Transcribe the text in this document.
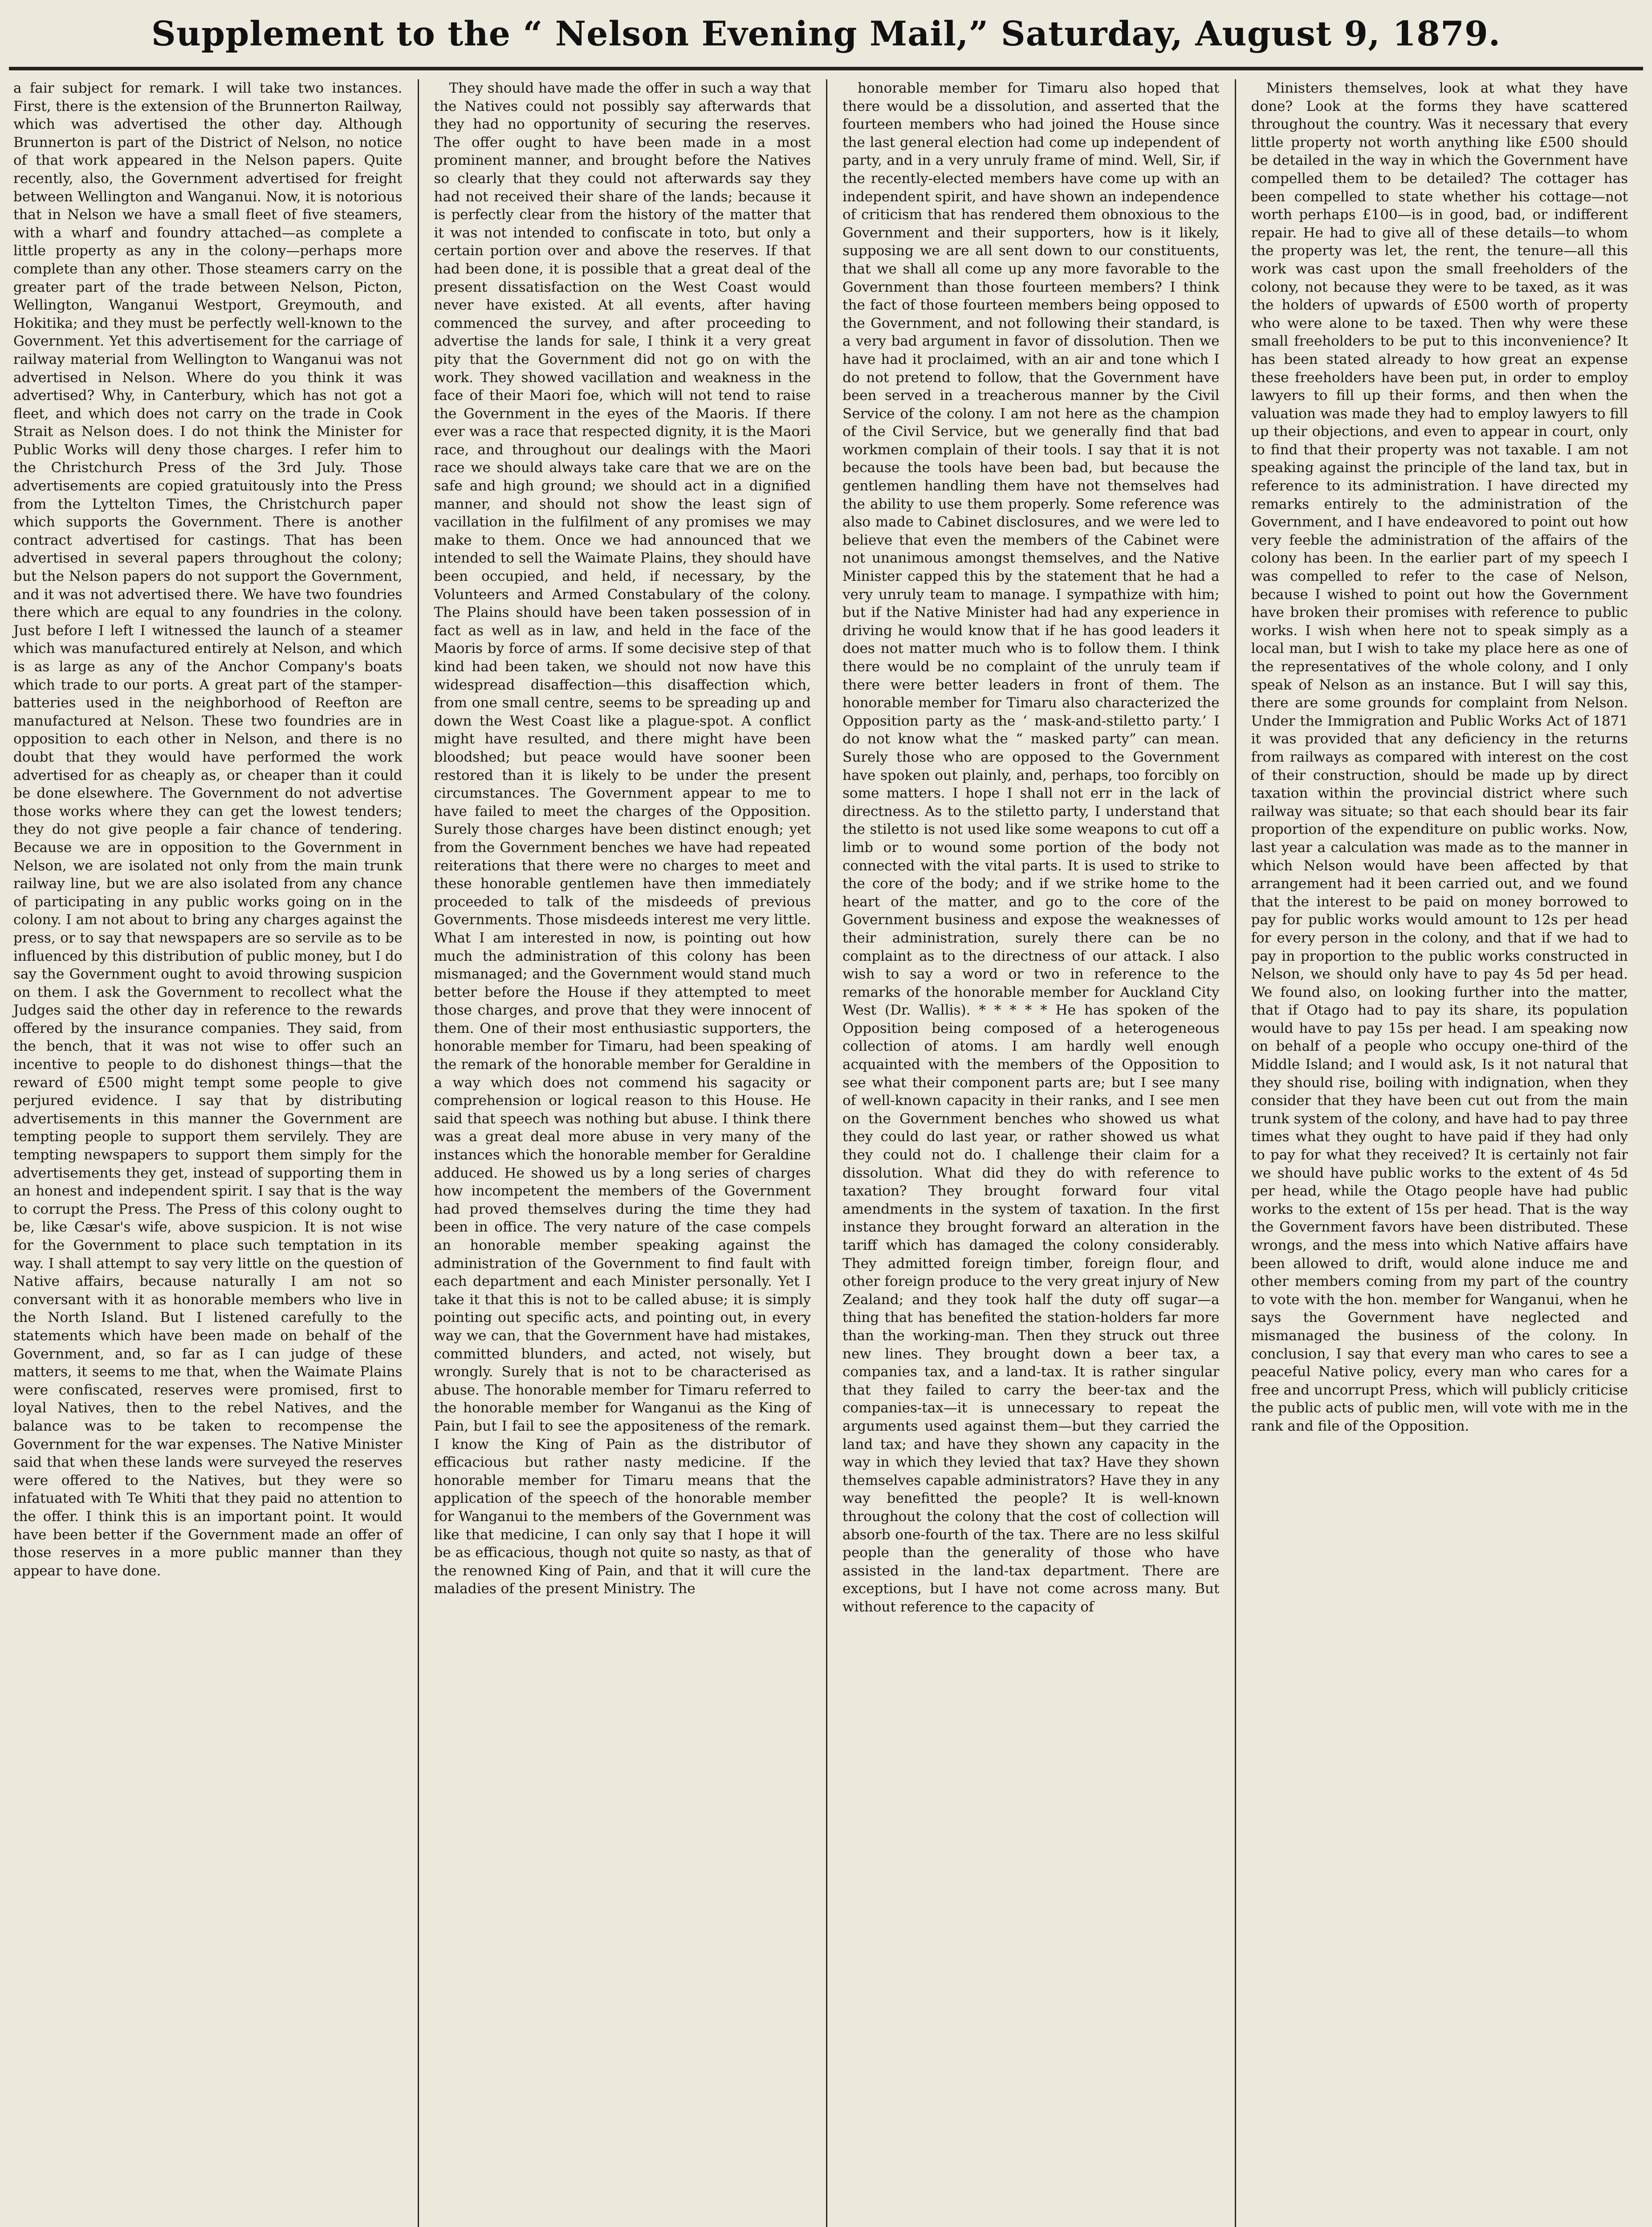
Supplement to the “ Nelson Evening Mail,” Saturday, August 9, 1879.

a fair subject for remark. I will take two instances. First, there is the extension of the Brunnerton Railway, which was advertised the other day. Although Brunnerton is part of the District of Nelson, no notice of that work appeared in the Nelson papers. Quite recently, also, the Government advertised for freight between Wellington and Wanganui. Now, it is notorious that in Nelson we have a small fleet of five steamers, with a wharf and foundry attached—as complete a little property as any in the colony—perhaps more complete than any other. Those steamers carry on the greater part of the trade between Nelson, Picton, Wellington, Wanganui Westport, Greymouth, and Hokitika; and they must be perfectly well-known to the Government. Yet this advertisement for the carriage of railway material from Wellington to Wanganui was not advertised in Nelson. Where do you think it was advertised? Why, in Canterbury, which has not got a fleet, and which does not carry on the trade in Cook Strait as Nelson does. I do not think the Minister for Public Works will deny those charges. I refer him to the Christchurch Press of the 3rd July. Those advertisements are copied gratuitously into the Press from the Lyttelton Times, the Christchurch paper which supports the Government. There is another contract advertised for castings. That has been advertised in several papers throughout the colony; but the Nelson papers do not support the Government, and it was not advertised there. We have two foundries there which are equal to any foundries in the colony. Just before I left I witnessed the launch of a steamer which was manufactured entirely at Nelson, and which is as large as any of the Anchor Company's boats which trade to our ports. A great part of the stamper-batteries used in the neighborhood of Reefton are manufactured at Nelson. These two foundries are in opposition to each other in Nelson, and there is no doubt that they would have performed the work advertised for as cheaply as, or cheaper than it could be done elsewhere. The Government do not advertise those works where they can get the lowest tenders; they do not give people a fair chance of tendering. Because we are in opposition to the Government in Nelson, we are isolated not only from the main trunk railway line, but we are also isolated from any chance of participating in any public works going on in the colony. I am not about to bring any charges against the press, or to say that newspapers are so servile as to be influenced by this distribution of public money, but I do say the Government ought to avoid throwing suspicion on them. I ask the Government to recollect what the Judges said the other day in reference to the rewards offered by the insurance companies. They said, from the bench, that it was not wise to offer such an incentive to people to do dishonest things—that the reward of £500 might tempt some people to give perjured evidence. I say that by distributing advertisements in this manner the Government are tempting people to support them servilely. They are tempting newspapers to support them simply for the advertisements they get, instead of supporting them in an honest and independent spirit. I say that is the way to corrupt the Press. The Press of this colony ought to be, like Cæsar's wife, above suspicion. It is not wise for the Government to place such temptation in its way. I shall attempt to say very little on the question of Native affairs, because naturally I am not so conversant with it as honorable members who live in the North Island. But I listened carefully to the statements which have been made on behalf of the Government, and, so far as I can judge of these matters, it seems to me that, when the Waimate Plains were confiscated, reserves were promised, first to loyal Natives, then to the rebel Natives, and the balance was to be taken to recompense the Government for the war expenses. The Native Minister said that when these lands were surveyed the reserves were offered to the Natives, but they were so infatuated with Te Whiti that they paid no attention to the offer. I think this is an important point. It would have been better if the Government made an offer of those reserves in a more public manner than they appear to have done.

They should have made the offer in such a way that the Natives could not possibly say afterwards that they had no opportunity of securing the reserves. The offer ought to have been made in a most prominent manner, and brought before the Natives so clearly that they could not afterwards say they had not received their share of the lands; because it is perfectly clear from the history of the matter that it was not intended to confiscate in toto, but only a certain portion over and above the reserves. If that had been done, it is possible that a great deal of the present dissatisfaction on the West Coast would never have existed. At all events, after having commenced the survey, and after proceeding to advertise the lands for sale, I think it a very great pity that the Government did not go on with the work. They showed vacillation and weakness in the face of their Maori foe, which will not tend to raise the Government in the eyes of the Maoris. If there ever was a race that respected dignity, it is the Maori race, and throughout our dealings with the Maori race we should always take care that we are on the safe and high ground; we should act in a dignified manner, and should not show the least sign of vacillation in the fulfilment of any promises we may make to them. Once we had announced that we intended to sell the Waimate Plains, they should have been occupied, and held, if necessary, by the Volunteers and Armed Constabulary of the colony. The Plains should have been taken possession of in fact as well as in law, and held in the face of the Maoris by force of arms. If some decisive step of that kind had been taken, we should not now have this widespread disaffection—this disaffection which, from one small centre, seems to be spreading up and down the West Coast like a plague-spot. A conflict might have resulted, and there might have been bloodshed; but peace would have sooner been restored than it is likely to be under the present circumstances. The Government appear to me to have failed to meet the charges of the Opposition. Surely those charges have been distinct enough; yet from the Government benches we have had repeated reiterations that there were no charges to meet and these honorable gentlemen have then immediately proceeded to talk of the misdeeds of previous Governments. Those misdeeds interest me very little. What I am interested in now, is pointing out how much the administration of this colony has been mismanaged; and the Government would stand much better before the House if they attempted to meet those charges, and prove that they were innocent of them. One of their most enthusiastic supporters, the honorable member for Timaru, had been speaking of the remark of the honorable member for Geraldine in a way which does not commend his sagacity or comprehension or logical reason to this House. He said that speech was nothing but abuse. I think there was a great deal more abuse in very many of the instances which the honorable member for Geraldine adduced. He showed us by a long series of charges how incompetent the members of the Government had proved themselves during the time they had been in office. The very nature of the case compels an honorable member speaking against the administration of the Government to find fault with each department and each Minister personally. Yet I take it that this is not to be called abuse; it is simply pointing out specific acts, and pointing out, in every way we can, that the Government have had mistakes, committed blunders, and acted, not wisely, but wrongly. Surely that is not to be characterised as abuse. The honorable member for Timaru referred to the honorable member for Wanganui as the King of Pain, but I fail to see the appositeness of the remark. I know the King of Pain as the distributor of efficacious but rather nasty medicine. If the honorable member for Timaru means that the application of the speech of the honorable member for Wanganui to the members of the Government was like that medicine, I can only say that I hope it will be as efficacious, though not quite so nasty, as that of the renowned King of Pain, and that it will cure the maladies of the present Ministry. The

honorable member for Timaru also hoped that there would be a dissolution, and asserted that the fourteen members who had joined the House since the last general election had come up independent of party, and in a very unruly frame of mind. Well, Sir, if the recently-elected members have come up with an independent spirit, and have shown an independence of criticism that has rendered them obnoxious to the Government and their supporters, how is it likely, supposing we are all sent down to our constituents, that we shall all come up any more favorable to the Government than those fourteen members? I think the fact of those fourteen members being opposed to the Government, and not following their standard, is a very bad argument in favor of dissolution. Then we have had it proclaimed, with an air and tone which I do not pretend to follow, that the Government have been served in a treacherous manner by the Civil Service of the colony. I am not here as the champion of the Civil Service, but we generally find that bad workmen complain of their tools. I say that it is not because the tools have been bad, but because the gentlemen handling them have not themselves had the ability to use them properly. Some reference was also made to Cabinet disclosures, and we were led to believe that even the members of the Cabinet were not unanimous amongst themselves, and the Native Minister capped this by the statement that he had a very unruly team to manage. I sympathize with him; but if the Native Minister had had any experience in driving he would know that if he has good leaders it does not matter much who is to follow them. I think there would be no complaint of the unruly team if there were better leaders in front of them. The honorable member for Timaru also characterized the Opposition party as the ‘ mask-and-stiletto party.’ I do not know what the “ masked party” can mean. Surely those who are opposed to the Government have spoken out plainly, and, perhaps, too forcibly on some matters. I hope I shall not err in the lack of directness. As to the stiletto party, I understand that the stiletto is not used like some weapons to cut off a limb or to wound some portion of the body not connected with the vital parts. It is used to strike to the core of the body; and if we strike home to the heart of the matter, and go to the core of the Government business and expose the weaknesses of their administration, surely there can be no complaint as to the directness of our attack. I also wish to say a word or two in reference to the remarks of the honorable member for Auckland City West (Dr. Wallis). * * * * * He has spoken of the Opposition being composed of a heterogeneous collection of atoms. I am hardly well enough acquainted with the members of the Opposition to see what their component parts are; but I see many of well-known capacity in their ranks, and I see men on the Government benches who showed us what they could do last year, or rather showed us what they could not do. I challenge their claim for a dissolution. What did they do with reference to taxation? They brought forward four vital amendments in the system of taxation. In the first instance they brought forward an alteration in the tariff which has damaged the colony considerably. They admitted foreign timber, foreign flour, and other foreign produce to the very great injury of New Zealand; and they took half the duty off sugar—a thing that has benefited the station-holders far more than the working-man. Then they struck out three new lines. They brought down a beer tax, a companies tax, and a land-tax. It is rather singular that they failed to carry the beer-tax and the companies-tax—it is unnecessary to repeat the arguments used against them—but they carried the land tax; and have they shown any capacity in the way in which they levied that tax? Have they shown themselves capable administrators? Have they in any way benefitted the people? It is well-known throughout the colony that the cost of collection will absorb one-fourth of the tax. There are no less skilful people than the generality of those who have assisted in the land-tax department. There are exceptions, but I have not come across many. But without reference to the capacity of

Ministers themselves, look at what they have done? Look at the forms they have scattered throughout the country. Was it necessary that every little property not worth anything like £500 should be detailed in the way in which the Government have compelled them to be detailed? The cottager has been compelled to state whether his cottage—not worth perhaps £100—is in good, bad, or indifferent repair. He had to give all of these details—to whom the property was let, the rent, the tenure—all this work was cast upon the small freeholders of the colony, not because they were to be taxed, as it was the holders of upwards of £500 worth of property who were alone to be taxed. Then why were these small freeholders to be put to this inconvenience? It has been stated already to how great an expense these freeholders have been put, in order to employ lawyers to fill up their forms, and then when the valuation was made they had to employ lawyers to fill up their objections, and even to appear in court, only to find that their property was not taxable. I am not speaking against the principle of the land tax, but in reference to its administration. I have directed my remarks entirely to the administration of the Government, and I have endeavored to point out how very feeble the administration of the affairs of the colony has been. In the earlier part of my speech I was compelled to refer to the case of Nelson, because I wished to point out how the Government have broken their promises with reference to public works. I wish when here not to speak simply as a local man, but I wish to take my place here as one of the representatives of the whole colony, and I only speak of Nelson as an instance. But I will say this, there are some grounds for complaint from Nelson. Under the Immigration and Public Works Act of 1871 it was provided that any deficiency in the returns from railways as compared with interest on the cost of their construction, should be made up by direct taxation within the provincial district where such railway was situate; so that each should bear its fair proportion of the expenditure on public works. Now, last year a calculation was made as to the manner in which Nelson would have been affected by that arrangement had it been carried out, and we found that the interest to be paid on money borrowed to pay for public works would amount to 12s per head for every person in the colony, and that if we had to pay in proportion to the public works constructed in Nelson, we should only have to pay 4s 5d per head. We found also, on looking further into the matter, that if Otago had to pay its share, its population would have to pay 15s per head. I am speaking now on behalf of a people who occupy one-third of the Middle Island; and I would ask, Is it not natural that they should rise, boiling with indignation, when they consider that they have been cut out from the main trunk system of the colony, and have had to pay three times what they ought to have paid if they had only to pay for what they received? It is certainly not fair we should have public works to the extent of 4s 5d per head, while the Otago people have had public works to the extent of 15s per head. That is the way the Government favors have been distributed. These wrongs, and the mess into which Native affairs have been allowed to drift, would alone induce me and other members coming from my part of the country to vote with the hon. member for Wanganui, when he says the Government have neglected and mismanaged the business of the colony. In conclusion, I say that every man who cares to see a peaceful Native policy, every man who cares for a free and uncorrupt Press, which will publicly criticise the public acts of public men, will vote with me in the rank and file of the Opposition.
